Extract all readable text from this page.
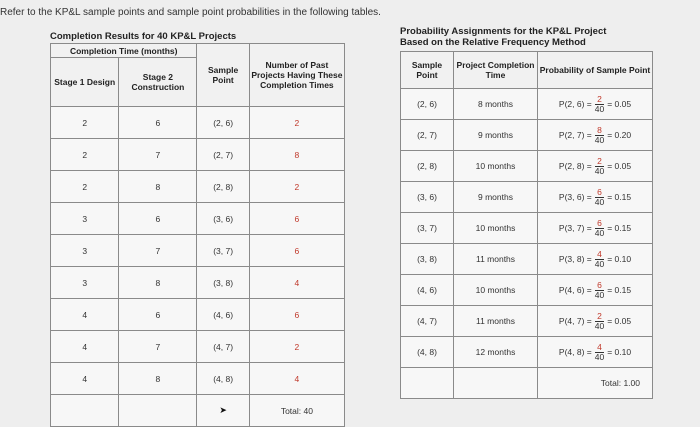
Refer to the KP&L sample points and sample point probabilities in the following tables.
Completion Results for 40 KP&L Projects
Completion Time (months)		Sample Point	Number of Past Projects Having These Completion Times
Stage 1 Design	Stage 2 Construction		
2	6	(2, 6)	2
2	7	(2, 7)	8
2	8	(2, 8)	2
3	6	(3, 6)	6
3	7	(3, 7)	6
3	8	(3, 8)	4
4	6	(4, 6)	6
4	7	(4, 7)	2
4	8	(4, 8)	4
		➤	Total: 40
Probability Assignments for the KP&L Project
Based on the Relative Frequency Method
Sample Point	Project Completion Time	Probability of Sample Point
(2, 6)	8 months	P(2, $6) = \frac{2}{40} = 0.05$
(2, 7)	9 months	P(2, $7) = \frac{8}{40} = 0.20$
(2, 8)	10 months	P(2, $8) = \frac{2}{40} = 0.05$
(3, 6)	9 months	P(3, $6) = \frac{6}{40} = 0.15$
(3, 7)	10 months	P(3, $7) = \frac{6}{40} = 0.15$
(3, 8)	11 months	P(3, $8) = \frac{4}{40} = 0.10$
(4, 6)	10 months	P(4, $6) = \frac{6}{40} = 0.15$
(4, 7)	11 months	P(4, $7) = \frac{2}{40} = 0.05$
(4, 8)	12 months	P(4, $8) = \frac{4}{40} = 0.10$
		Total: 1.00
